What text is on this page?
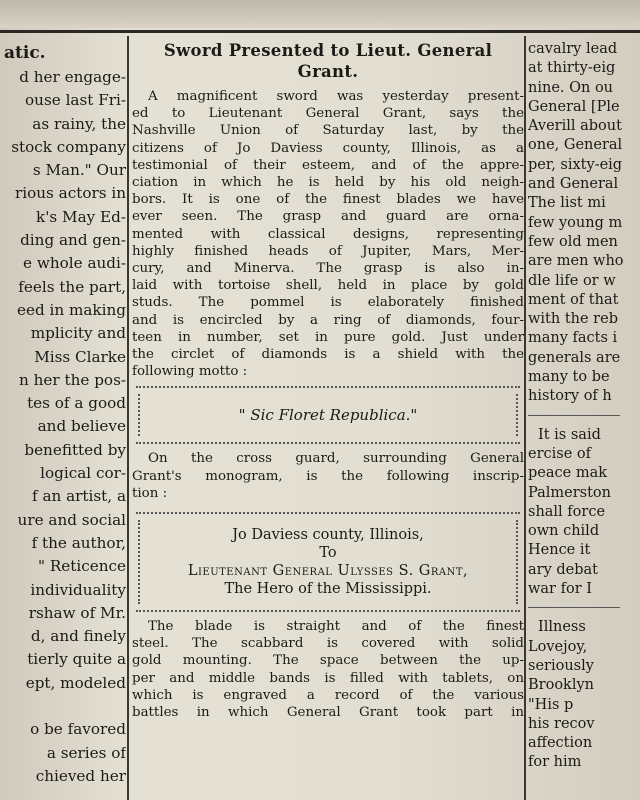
atic.
d her engage-
ouse last Fri-
as rainy, the
stock company
s Man." Our
rious actors in
k's May Ed-
ding and gen-
e whole audi-
feels the part,
eed in making
mplicity and
Miss Clarke
n her the pos-
tes of a good
and believe
benefitted by
logical cor-
f an artist, a
ure and social
f the author,
" Reticence
individuality
rshaw of Mr.
d, and finely
tierly quite a
ept, modeled

o be favored
a series of
chieved her
Sword Presented to Lieut. General
Grant.
A magnificent sword was yesterday present-
ed to Lieutenant General Grant, says the
Nashville Union of Saturday last, by the
citizens of Jo Daviess county, Illinois, as a
testimonial of their esteem, and of the appre-
ciation in which he is held by his old neigh-
bors. It is one of the finest blades we have
ever seen. The grasp and guard are orna-
mented with classical designs, representing
highly finished heads of Jupiter, Mars, Mer-
cury, and Minerva. The grasp is also in-
laid with tortoise shell, held in place by gold
studs. The pommel is elaborately finished
and is encircled by a ring of diamonds, four-
teen in number, set in pure gold. Just under
the circlet of diamonds is a shield with the
following motto :
" Sic Floret Republica."
On the cross guard, surrounding General
Grant's monogram, is the following inscrip-
tion :
Jo Daviess county, Illinois,
To
Lieutenant General Ulysses S. Grant,
The Hero of the Mississippi.
The blade is straight and of the finest
steel. The scabbard is covered with solid
gold mounting. The space between the up-
per and middle bands is filled with tablets, on
which is engraved a record of the various
battles in which General Grant took part in
cavalry lead
at thirty-eig
nine. On ou
General [Ple
Averill about
one, General
per, sixty-eig
and General
The list mi
few young m
few old men
are men who
dle life or w
ment of that
with the reb
many facts i
generals are
many to be
history of h
It is said
ercise of
peace mak
Palmerston
shall force
own child
Hence it
ary debat
war for I
Illness
Lovejoy,
seriously
Brooklyn
"His p
his recov
affection
for him
